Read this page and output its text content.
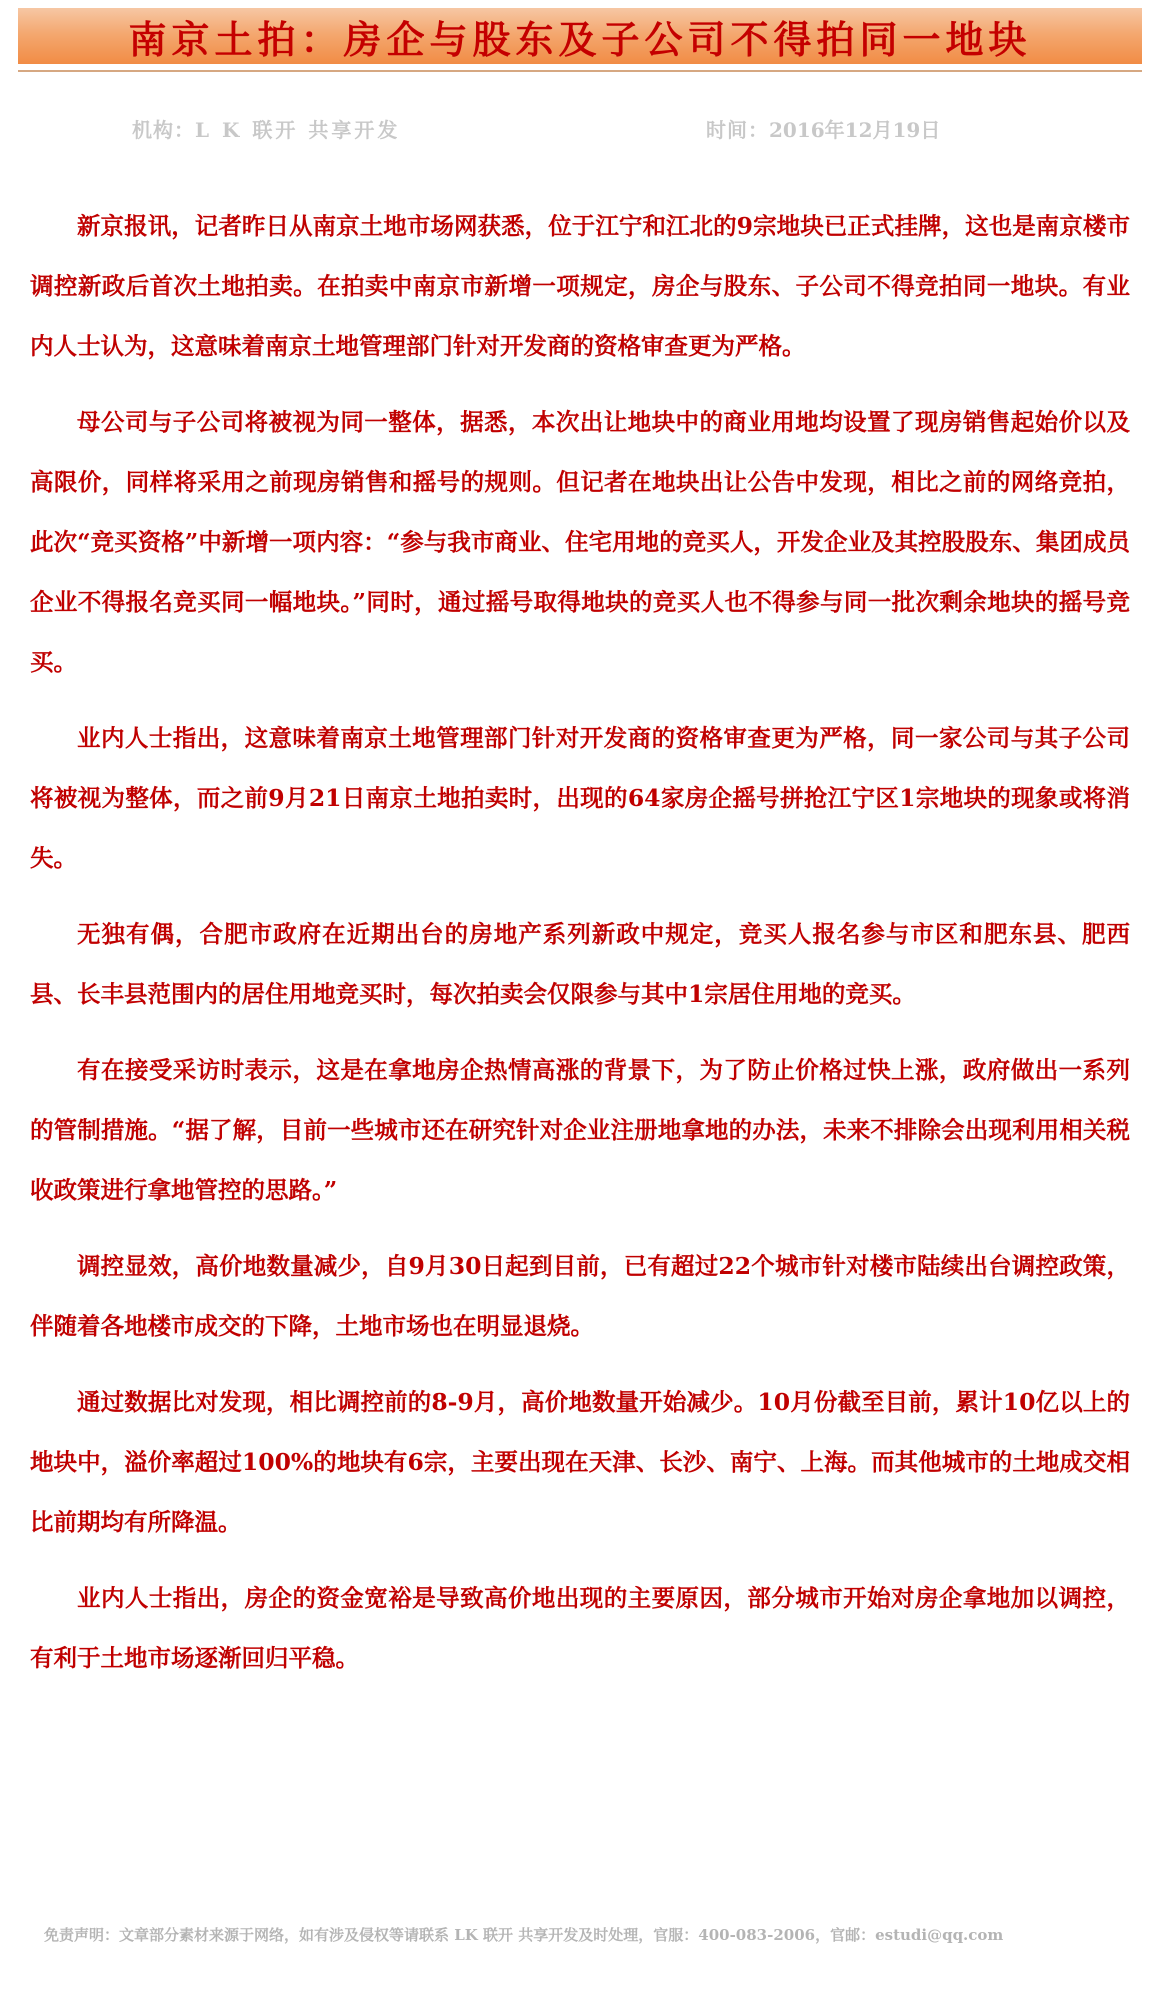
南京土拍：房企与股东及子公司不得拍同一地块
机构：L K 联开 共享开发	时间：2016年12月19日

新京报讯，记者昨日从南京土地市场网获悉，位于江宁和江北的9宗地块已正式挂牌，这也是南京楼市调控新政后首次土地拍卖。在拍卖中南京市新增一项规定，房企与股东、子公司不得竞拍同一地块。有业内人士认为，这意味着南京土地管理部门针对开发商的资格审查更为严格。

母公司与子公司将被视为同一整体，据悉，本次出让地块中的商业用地均设置了现房销售起始价以及高限价，同样将采用之前现房销售和摇号的规则。但记者在地块出让公告中发现，相比之前的网络竞拍，此次“竞买资格”中新增一项内容：“参与我市商业、住宅用地的竞买人，开发企业及其控股股东、集团成员企业不得报名竞买同一幅地块。”同时，通过摇号取得地块的竞买人也不得参与同一批次剩余地块的摇号竞买。

业内人士指出，这意味着南京土地管理部门针对开发商的资格审查更为严格，同一家公司与其子公司将被视为整体，而之前9月21日南京土地拍卖时，出现的64家房企摇号拼抢江宁区1宗地块的现象或将消失。

无独有偶，合肥市政府在近期出台的房地产系列新政中规定，竞买人报名参与市区和肥东县、肥西县、长丰县范围内的居住用地竞买时，每次拍卖会仅限参与其中1宗居住用地的竞买。

有在接受采访时表示，这是在拿地房企热情高涨的背景下，为了防止价格过快上涨，政府做出一系列的管制措施。“据了解，目前一些城市还在研究针对企业注册地拿地的办法，未来不排除会出现利用相关税收政策进行拿地管控的思路。”

调控显效，高价地数量减少，自9月30日起到目前，已有超过22个城市针对楼市陆续出台调控政策，伴随着各地楼市成交的下降，土地市场也在明显退烧。

通过数据比对发现，相比调控前的8-9月，高价地数量开始减少。10月份截至目前，累计10亿以上的地块中，溢价率超过100%的地块有6宗，主要出现在天津、长沙、南宁、上海。而其他城市的土地成交相比前期均有所降温。

业内人士指出，房企的资金宽裕是导致高价地出现的主要原因，部分城市开始对房企拿地加以调控，有利于土地市场逐渐回归平稳。

免责声明：文章部分素材来源于网络，如有涉及侵权等请联系 LK 联开 共享开发及时处理，官服：400-083-2006，官邮：estudi@qq.com
